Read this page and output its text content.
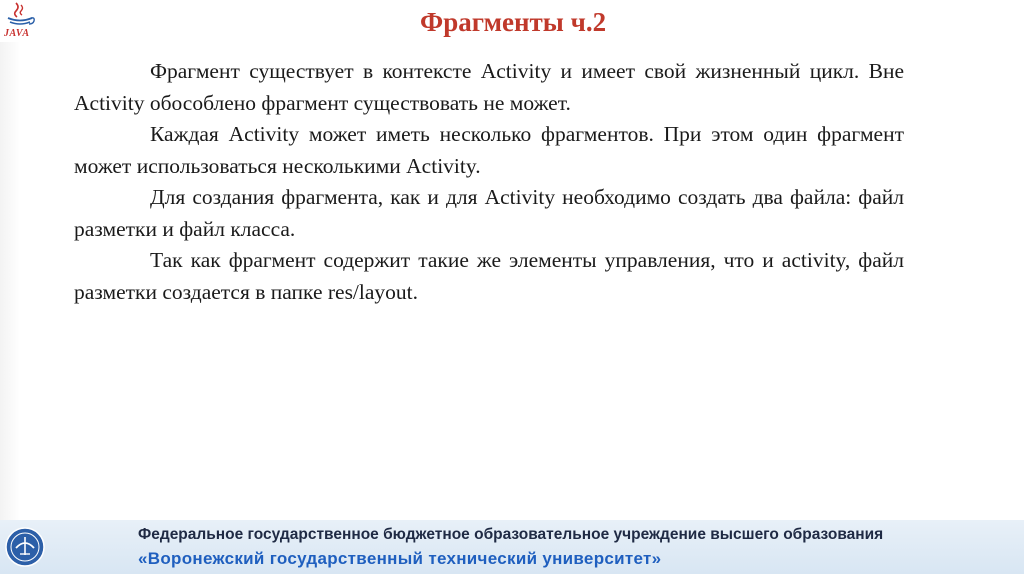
JAVA	Фрагменты ч.2

Фрагмент существует в контексте Activity и имеет свой жизненный цикл. Вне Activity обособлено фрагмент существовать не может.

Каждая Activity может иметь несколько фрагментов. При этом один фрагмент может использоваться несколькими Activity.

Для создания фрагмента, как и для Activity необходимо создать два файла: файл разметки и файл класса.

Так как фрагмент содержит такие же элементы управления, что и activity, файл разметки создается в папке res/layout.

Федеральное государственное бюджетное образовательное учреждение высшего образования
«Воронежский государственный технический университет»
